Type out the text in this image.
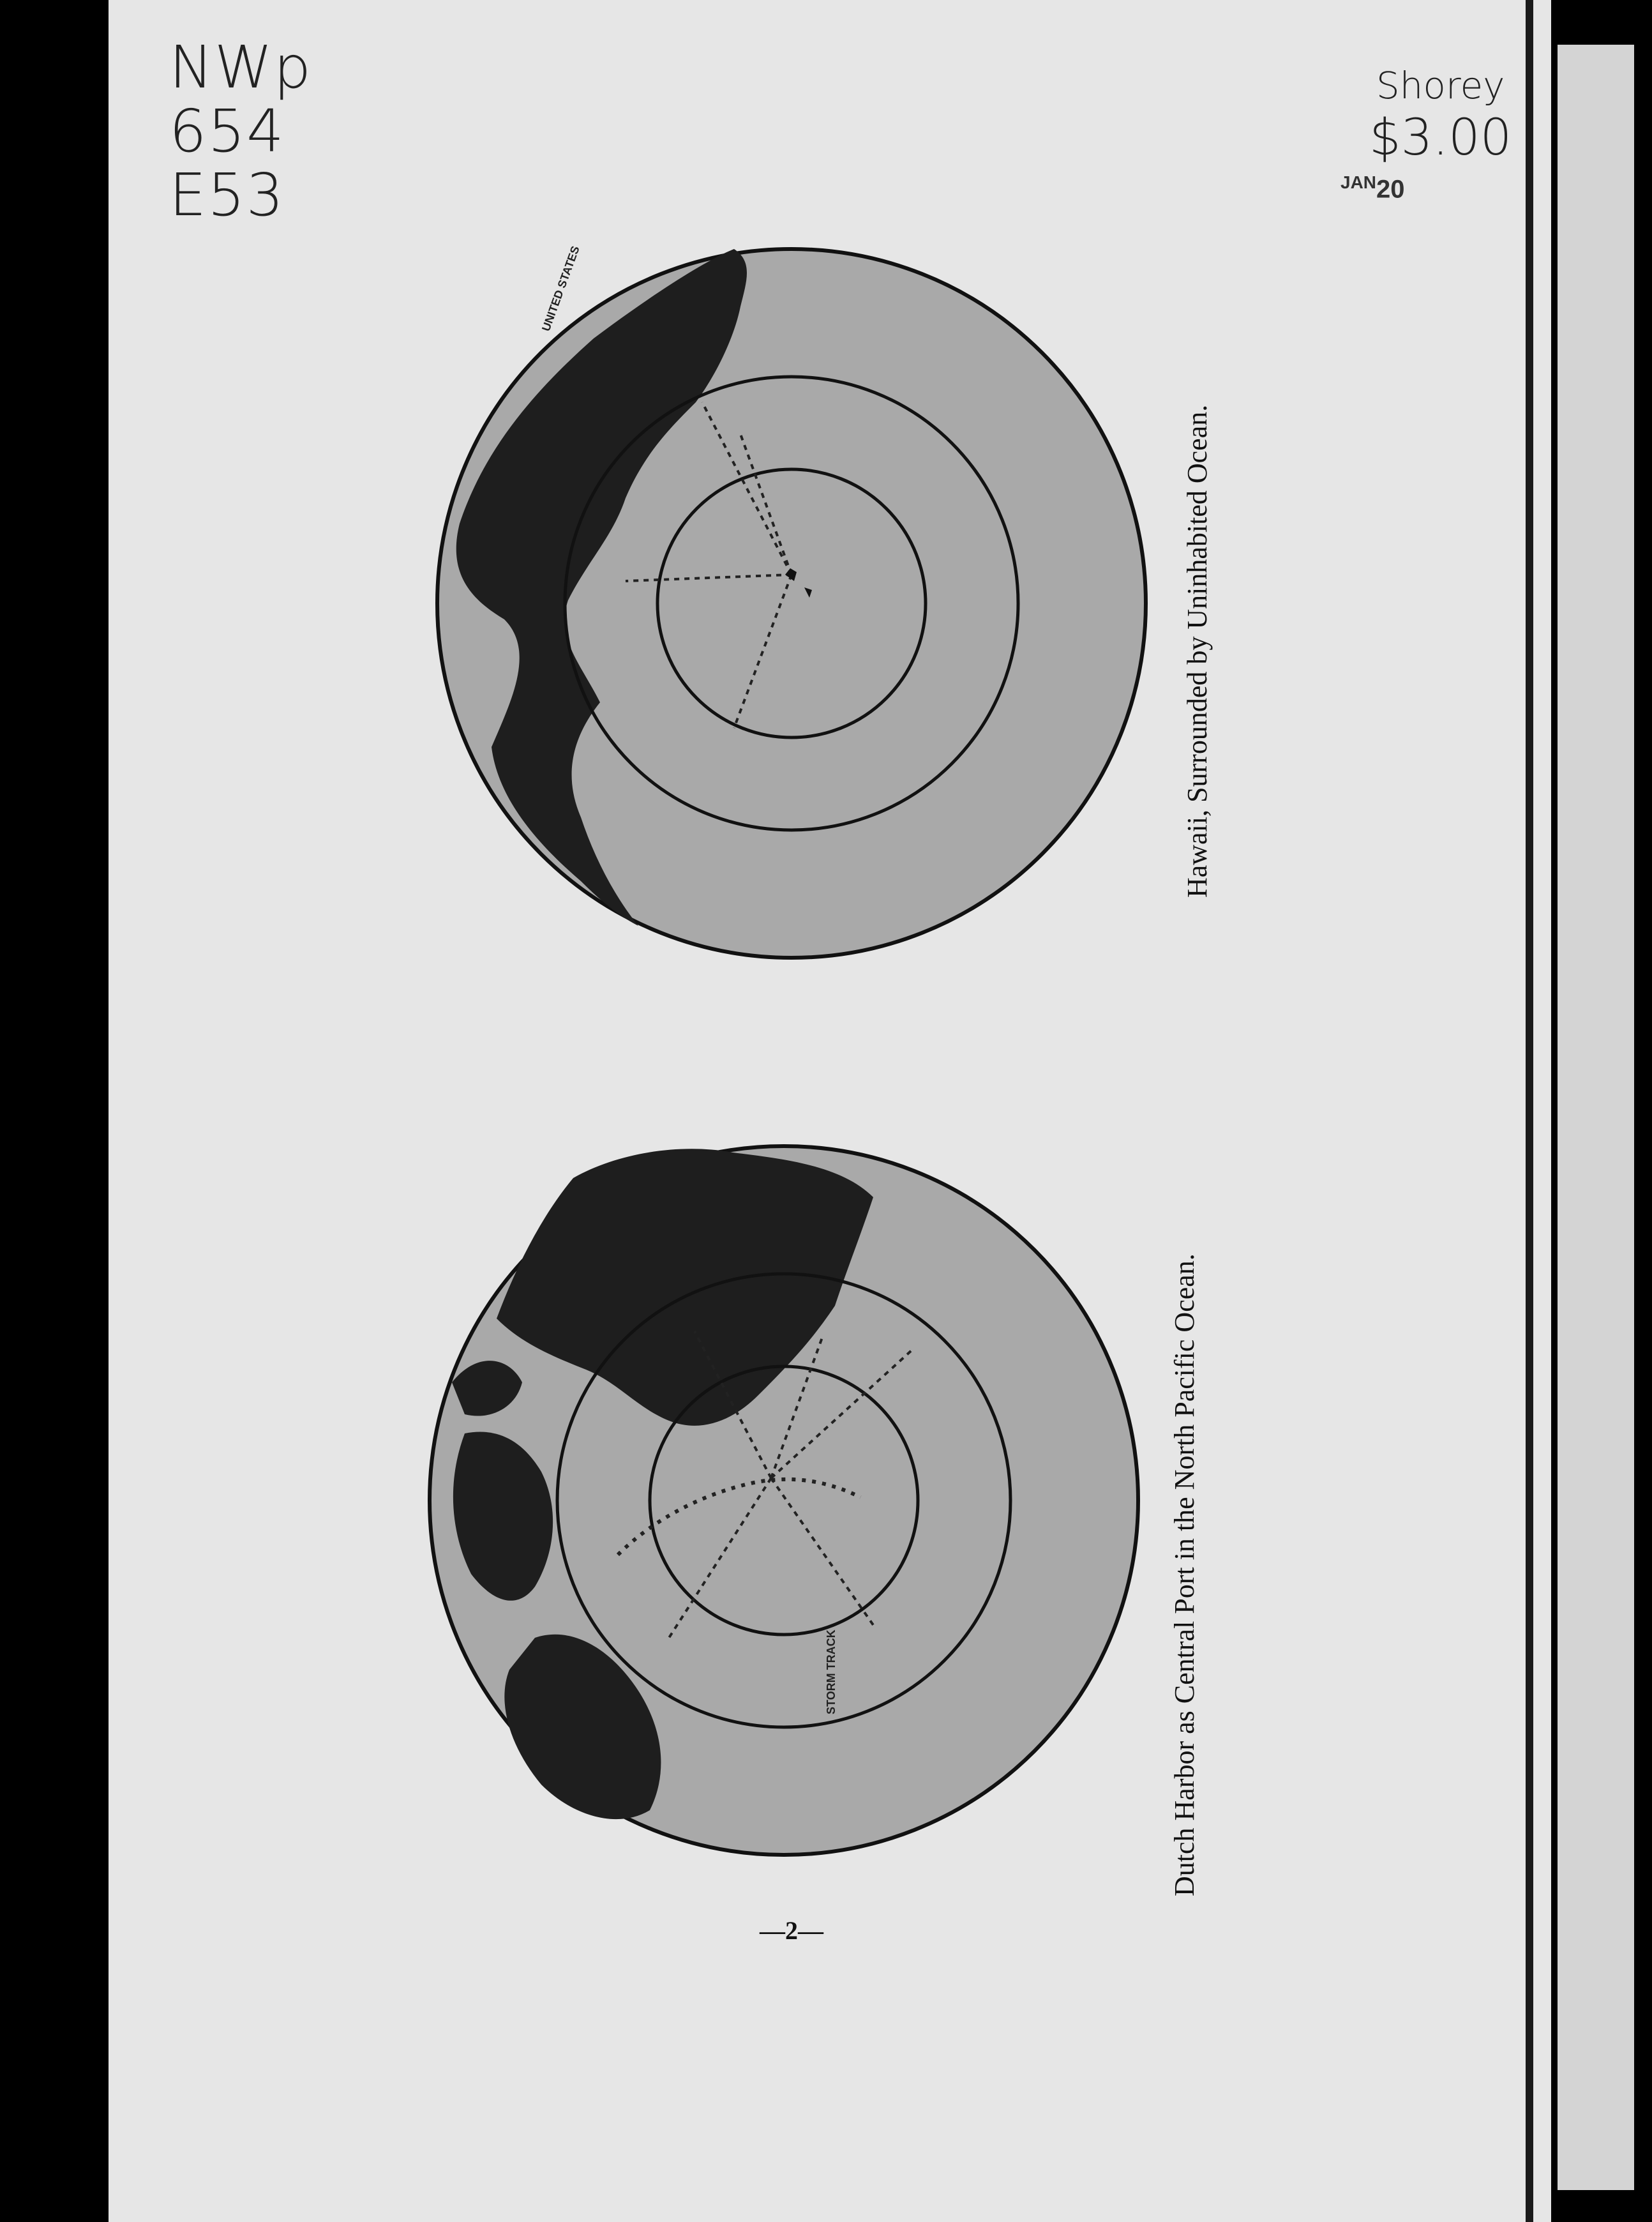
NWp
654
E53
Shorey
$3.00
$^{JAN}$20
UNITED STATES
Hawaii, Surrounded by Uninhabited Ocean.
STORM TRACK	Dutch Harbor as Central Port in the North Pacific Ocean.
—2—
